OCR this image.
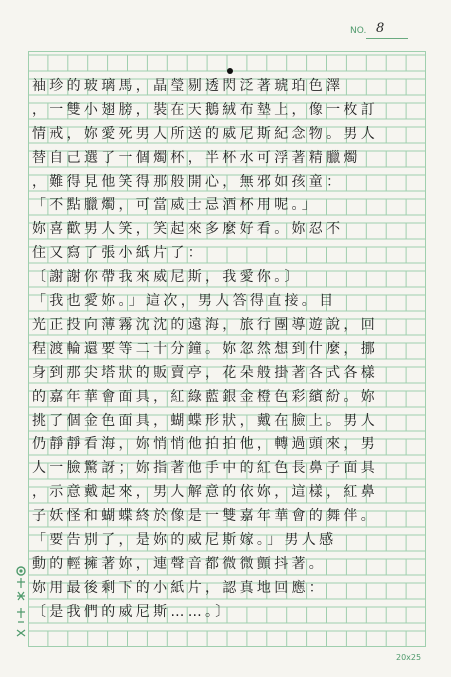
NO. 8
袖珍的玻璃馬，晶瑩剔透閃泛著琥珀色澤
，一雙小翅膀，裝在天鵝絨布墊上，像一枚訂
情戒，妳愛死男人所送的威尼斯紀念物。男人
替自己選了一個燭杯，半杯水可浮著精臘燭
，難得見他笑得那般開心，無邪如孩童：
「不點臘燭，可當威士忌酒杯用呢。」
妳喜歡男人笑，笑起來多麼好看。妳忍不
住又寫了張小紙片了：
〔謝謝你帶我來威尼斯，我愛你。〕
「我也愛妳。」這次，男人答得直接。目
光正投向薄霧沈沈的遠海，旅行團導遊說，回
程渡輪還要等二十分鐘。妳忽然想到什麼，挪
身到那尖塔狀的販賣亭，花朵般掛著各式各樣
的嘉年華會面具，紅綠藍銀金橙色彩繽紛。妳
挑了個金色面具，蝴蝶形狀，戴在臉上。男人
仍靜靜看海，妳悄悄他拍拍他，轉過頭來，男
人一臉驚訝；妳指著他手中的紅色長鼻子面具
，示意戴起來，男人解意的依妳，這樣，紅鼻
子妖怪和蝴蝶終於像是一雙嘉年華會的舞伴。
「要告別了，是妳的威尼斯嫁。」男人感
動的輕擁著妳，連聲音都微微顫抖著。
妳用最後剩下的小紙片，認真地回應：
〔是我們的威尼斯……。〕
20x25
